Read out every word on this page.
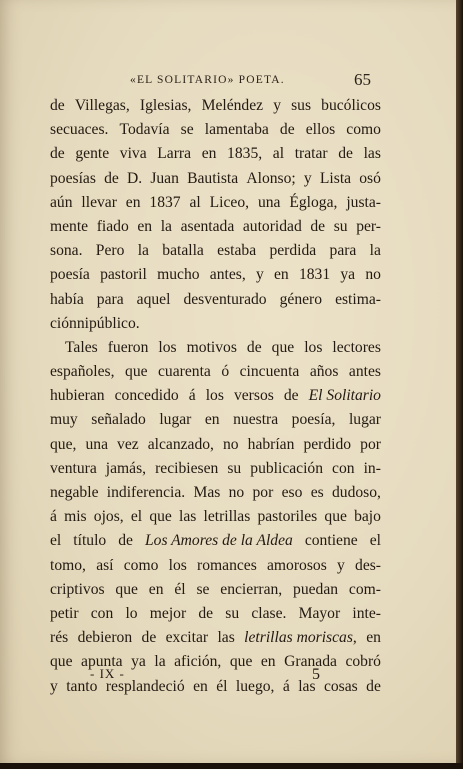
«EL SOLITARIO» POETA.	65
de Villegas, Iglesias, Meléndez y sus bucólicos
secuaces. Todavía se lamentaba de ellos como
de gente viva Larra en 1835, al tratar de las
poesías de D. Juan Bautista Alonso; y Lista osó
aún llevar en 1837 al Liceo, una Égloga, justa-
mente fiado en la asentada autoridad de su per-
sona. Pero la batalla estaba perdida para la
poesía pastoril mucho antes, y en 1831 ya no
había para aquel desventurado género estima-
ción ni público.
Tales fueron los motivos de que los lectores
españoles, que cuarenta ó cincuenta años antes
hubieran concedido á los versos de El Solitario
muy señalado lugar en nuestra poesía, lugar
que, una vez alcanzado, no habrían perdido por
ventura jamás, recibiesen su publicación con in-
negable indiferencia. Mas no por eso es dudoso,
á mis ojos, el que las letrillas pastoriles que bajo
el título de Los Amores de la Aldea contiene el
tomo, así como los romances amorosos y des-
criptivos que en él se encierran, puedan com-
petir con lo mejor de su clase. Mayor inte-
rés debieron de excitar las letrillas moriscas, en
que apunta ya la afición, que en Granada cobró
y tanto resplandeció en él luego, á las cosas de
- IX -	5
